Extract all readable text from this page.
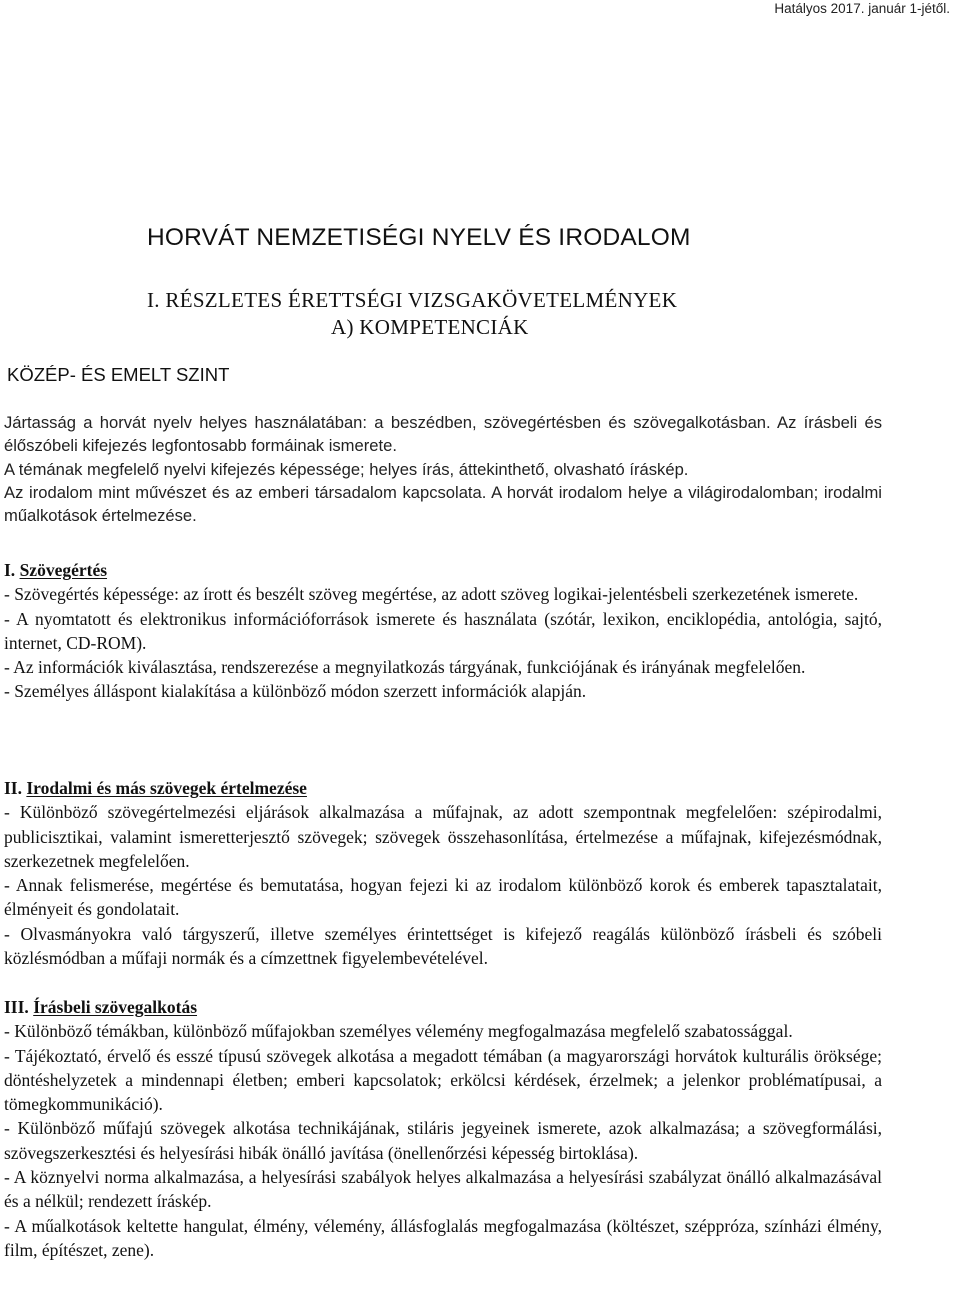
Hatályos 2017. január 1-jétől.
HORVÁT NEMZETISÉGI NYELV ÉS IRODALOM
I. RÉSZLETES ÉRETTSÉGI VIZSGAKÖVETELMÉNYEK
A) KOMPETENCIÁK
KÖZÉP- ÉS EMELT SZINT

Jártasság a horvát nyelv helyes használatában: a beszédben, szövegértésben és szövegalkotásban. Az írásbeli és élőszóbeli kifejezés legfontosabb formáinak ismerete.

A témának megfelelő nyelvi kifejezés képessége; helyes írás, áttekinthető, olvasható íráskép.

Az irodalom mint művészet és az emberi társadalom kapcsolata. A horvát irodalom helye a világirodalomban; irodalmi műalkotások értelmezése.

I. Szövegértés

- Szövegértés képessége: az írott és beszélt szöveg megértése, az adott szöveg logikai-jelentésbeli szerkezetének ismerete.

- A nyomtatott és elektronikus információforrások ismerete és használata (szótár, lexikon, enciklopédia, antológia, sajtó, internet, CD-ROM).

- Az információk kiválasztása, rendszerezése a megnyilatkozás tárgyának, funkciójának és irányának megfelelően.

- Személyes álláspont kialakítása a különböző módon szerzett információk alapján.

II. Irodalmi és más szövegek értelmezése

- Különböző szövegértelmezési eljárások alkalmazása a műfajnak, az adott szempontnak megfelelően: szépirodalmi, publicisztikai, valamint ismeretterjesztő szövegek; szövegek összehasonlítása, értelmezése a műfajnak, kifejezésmódnak, szerkezetnek megfelelően.

- Annak felismerése, megértése és bemutatása, hogyan fejezi ki az irodalom különböző korok és emberek tapasztalatait, élményeit és gondolatait.

- Olvasmányokra való tárgyszerű, illetve személyes érintettséget is kifejező reagálás különböző írásbeli és szóbeli közlésmódban a műfaji normák és a címzettnek figyelembevételével.

III. Írásbeli szövegalkotás

- Különböző témákban, különböző műfajokban személyes vélemény megfogalmazása megfelelő szabatossággal.

- Tájékoztató, érvelő és esszé típusú szövegek alkotása a megadott témában (a magyarországi horvátok kulturális öröksége; döntéshelyzetek a mindennapi életben; emberi kapcsolatok; erkölcsi kérdések, érzelmek; a jelenkor problématípusai, a tömegkommunikáció).

- Különböző műfajú szövegek alkotása technikájának, stiláris jegyeinek ismerete, azok alkalmazása; a szövegformálási, szövegszerkesztési és helyesírási hibák önálló javítása (önellenőrzési képesség birtoklása).

- A köznyelvi norma alkalmazása, a helyesírási szabályok helyes alkalmazása a helyesírási szabályzat önálló alkalmazásával és a nélkül; rendezett íráskép.

- A műalkotások keltette hangulat, élmény, vélemény, állásfoglalás megfogalmazása (költészet, széppróza, színházi élmény, film, építészet, zene).
